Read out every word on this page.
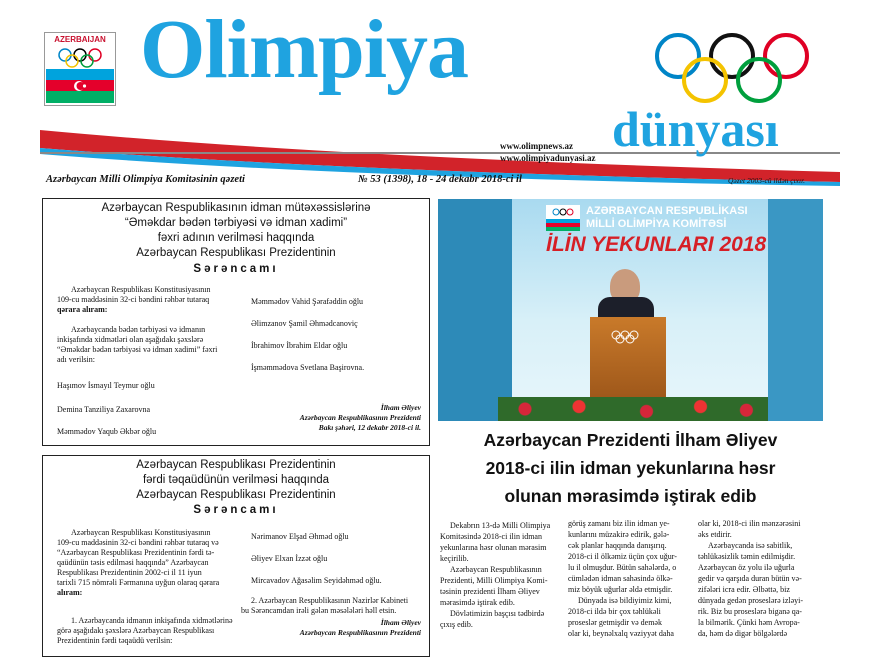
AZERBAIJAN Olimpiya
dünyası
www.olimpnews.az
www.olimpiyadunyasi.az
Azərbaycan Milli Olimpiya Komitəsinin qəzeti	№ 53 (1398), 18 - 24 dekabr 2018-ci il	Qəzet 2003-cü ildən çıxır.
Azərbaycan Respublikasının idman mütəxəssislərinə
“Əməkdar bədən tərbiyəsi və idman xadimi”
fəxri adının verilməsi haqqında
Azərbaycan Respublikası Prezidentinin
Sərəncamı
Azərbaycan Respublikası Konstitusiyasının
109-cu maddəsinin 32-ci bəndini rəhbər tutaraq
qərara alıram:
Azərbaycanda bədən tərbiyəsi və idmanın
inkişafında xidmətləri olan aşağıdakı şəxslərə
“Əməkdar bədən tərbiyəsi və idman xadimi” fəxri
adı verilsin:
Haşımov İsmayıl Teymur oğlu
Demina Tanziliya Zaxarovna
Məmmədov Yaqub Əkbər oğlu
Məmmədov Vahid Şərafəddin oğlu
Əlimzanov Şamil Əhmədcanoviç
İbrahimov İbrahim Eldar oğlu
İşməmmədova Svetlana Başirovna.
İlham Əliyev
Azərbaycan Respublikasının Prezidenti
Bakı şəhəri, 12 dekabr 2018-ci il.
Azərbaycan Respublikası Prezidentinin
fərdi təqaüdünün verilməsi haqqında
Azərbaycan Respublikası Prezidentinin
Sərəncamı
Azərbaycan Respublikası Konstitusiyasının
109-cu maddəsinin 32-ci bəndini rəhbər tutaraq və
“Azərbaycan Respublikası Prezidentinin fərdi tə-
qaüdünün təsis edilməsi haqqında” Azərbaycan
Respublikası Prezidentinin 2002-ci il 11 iyun
tarixli 715 nömrəli Fərmanına uyğun olaraq qərara
alıram:
1. Azərbaycanda idmanın inkişafında xidmətlərinə
görə aşağıdakı şəxslərə Azərbaycan Respublikası
Prezidentinin fərdi təqaüdü verilsin:
Nərimanov Elşad Əhməd oğlu
Əliyev Elxan İzzət oğlu
Mircavadov Ağasəlim Seyidəhməd oğlu.
2. Azərbaycan Respublikasının Nazirlər Kabineti
bu Sərəncamdan irəli gələn məsələləri həll etsin.
İlham Əliyev
Azərbaycan Respublikasının Prezidenti
AZƏRBAYCAN RESPUBLİKASI
MİLLİ OLİMPİYA KOMİTƏSİ
İLİN YEKUNLARI 2018
Azərbaycan Prezidenti İlham Əliyev
2018-ci ilin idman yekunlarına həsr
olunan mərasimdə iştirak edib
Dekabrın 13-də Milli Olimpiya
Komitəsində 2018-ci ilin idman
yekunlarına həsr olunan mərasim
keçirilib.
Azərbaycan Respublikasının
Prezidenti, Milli Olimpiya Komi-
təsinin prezidenti İlham Əliyev
mərasimdə iştirak edib.
Dövlətimizin başçısı tədbirdə
çıxış edib.
görüş zamanı biz ilin idman ye-
kunlarını müzakirə edirik, gələ-
cək planlar haqqında danışırıq.
2018-ci il ölkəmiz üçün çox uğur-
lu il olmuşdur. Bütün sahələrdə, o
cümlədən idman sahəsində ölkə-
miz böyük uğurlar əldə etmişdir.
Dünyada isə bildiyimiz kimi,
2018-ci ildə bir çox təhlükəli
proseslər getmişdir və demək
olar ki, beynəlxalq vəziyyət daha
olar ki, 2018-ci ilin mənzərəsini
əks etdirir.
Azərbaycanda isə sabitlik,
təhlükəsizlik təmin edilmişdir.
Azərbaycan öz yolu ilə uğurla
gedir və qarşıda duran bütün və-
zifələri icra edir. Əlbəttə, biz
dünyada gedən proseslərə izləyi-
rik. Biz bu proseslərə biganə qa-
la bilmərik. Çünki həm Avropa-
da, həm də digər bölgələrdə
